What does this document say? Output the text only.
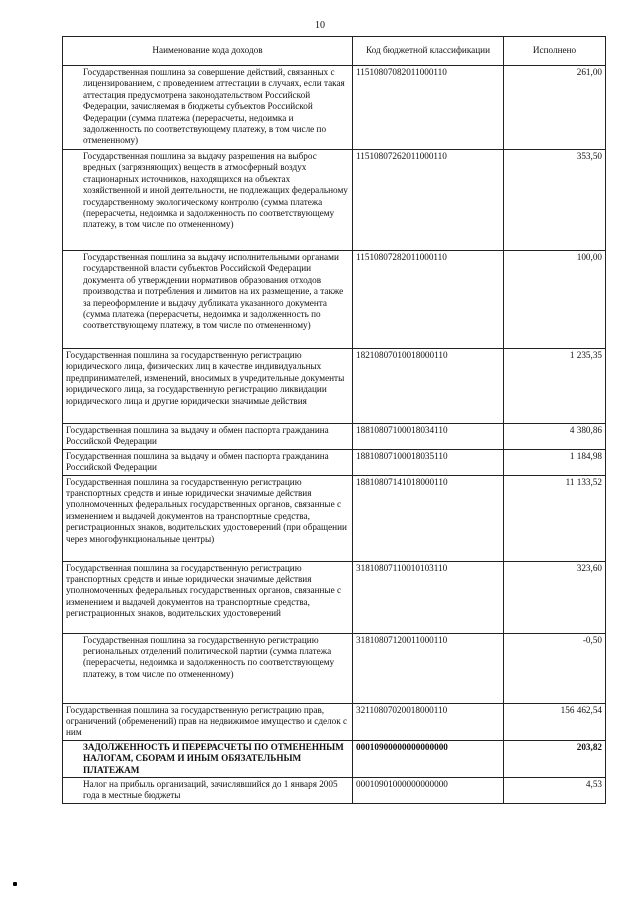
10
Наименование кода доходов	Код бюджетной классификации	Исполнено
Государственная пошлина за совершение действий, связанных с лицензированием, с проведением аттестации в случаях, если такая аттестация предусмотрена законодательством Российской Федерации, зачисляемая в бюджеты субъектов Российской Федерации (сумма платежа (перерасчеты, недоимка и задолженность по соответствующему платежу, в том числе по отмененному)	11510807082011000110	261,00
Государственная пошлина за выдачу разрешения на выброс вредных (загрязняющих) веществ в атмосферный воздух стационарных источников, находящихся на объектах хозяйственной и иной деятельности, не подлежащих федеральному государственному экологическому контролю (сумма платежа (перерасчеты, недоимка и задолженность по соответствующему платежу, в том числе по отмененному)	11510807262011000110	353,50
Государственная пошлина за выдачу исполнительными органами государственной власти субъектов Российской Федерации документа об утверждении нормативов образования отходов производства и потребления и лимитов на их размещение, а также за переоформление и выдачу дубликата указанного документа (сумма платежа (перерасчеты, недоимка и задолженность по соответствующему платежу, в том числе по отмененному)	11510807282011000110	100,00
Государственная пошлина за государственную регистрацию юридического лица, физических лиц в качестве индивидуальных предпринимателей, изменений, вносимых в учредительные документы юридического лица, за государственную регистрацию ликвидации юридического лица и другие юридически значимые действия	18210807010018000110	1 235,35
Государственная пошлина за выдачу и обмен паспорта гражданина Российской Федерации	18810807100018034110	4 380,86
Государственная пошлина за выдачу и обмен паспорта гражданина Российской Федерации	18810807100018035110	1 184,98
Государственная пошлина за государственную регистрацию транспортных средств и иные юридически значимые действия уполномоченных федеральных государственных органов, связанные с изменением и выдачей документов на транспортные средства, регистрационных знаков, водительских удостоверений (при обращении через многофункциональные центры)	18810807141018000110	11 133,52
Государственная пошлина за государственную регистрацию транспортных средств и иные юридически значимые действия уполномоченных федеральных государственных органов, связанные с изменением и выдачей документов на транспортные средства, регистрационных знаков, водительских удостоверений	31810807110010103110	323,60
Государственная пошлина за государственную регистрацию региональных отделений политической партии (сумма платежа (перерасчеты, недоимка и задолженность по соответствующему платежу, в том числе по отмененному)	31810807120011000110	-0,50
Государственная пошлина за государственную регистрацию прав, ограничений (обременений) прав на недвижимое имущество и сделок с ним	32110807020018000110	156 462,54
ЗАДОЛЖЕННОСТЬ И ПЕРЕРАСЧЕТЫ ПО ОТМЕНЕННЫМ НАЛОГАМ, СБОРАМ И ИНЫМ ОБЯЗАТЕЛЬНЫМ ПЛАТЕЖАМ	00010900000000000000	203,82
Налог на прибыль организаций, зачислявшийся до 1 января 2005 года в местные бюджеты	00010901000000000000	4,53
